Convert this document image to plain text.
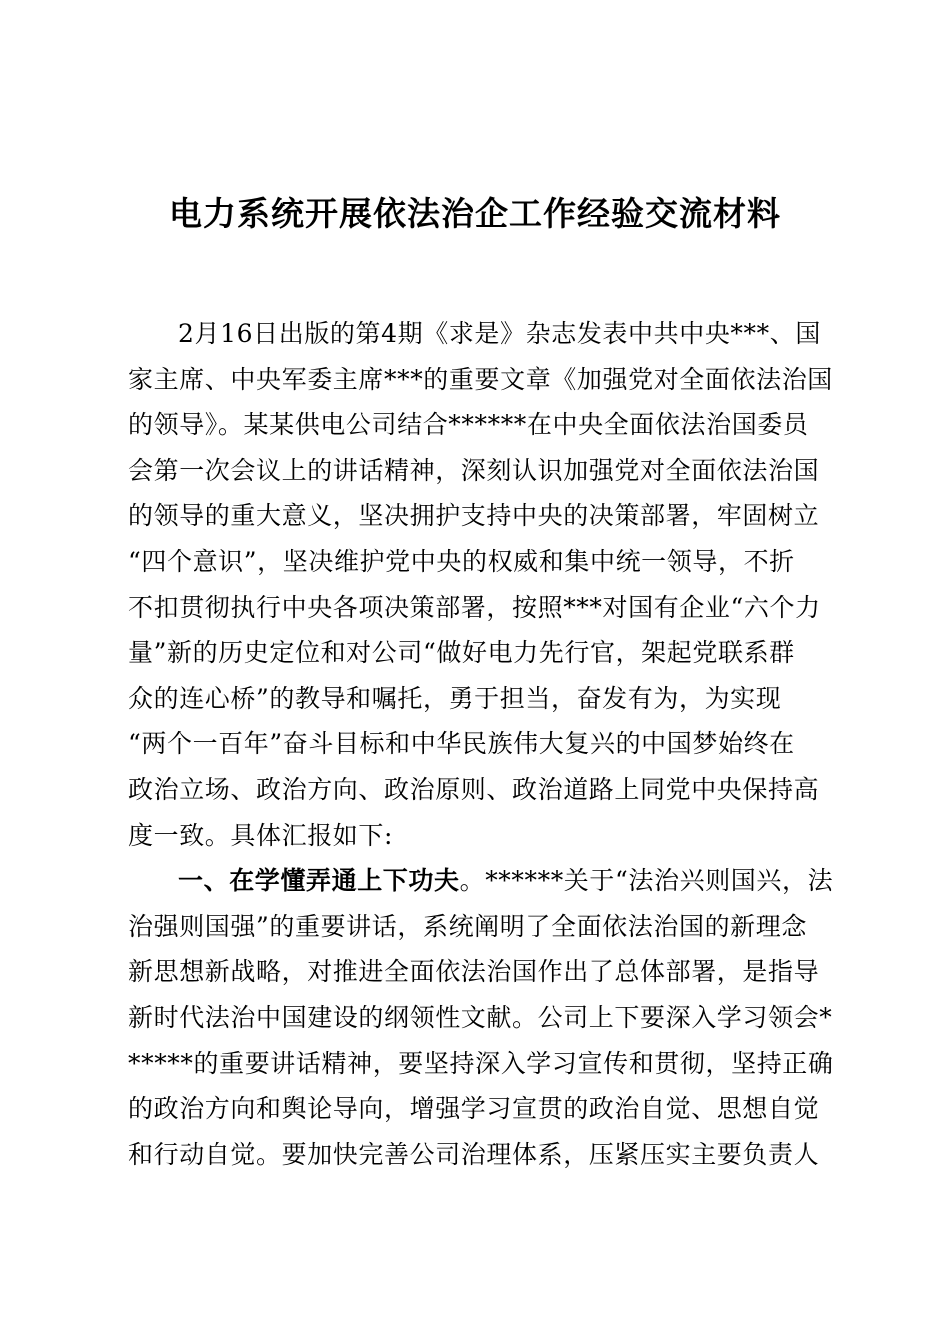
电力系统开展依法治企工作经验交流材料
2月16日出版的第4期《求是》杂志发表中共中央***、国
家主席、中央军委主席***的重要文章《加强党对全面依法治国
的领导》。某某供电公司结合******在中央全面依法治国委员
会第一次会议上的讲话精神，深刻认识加强党对全面依法治国
的领导的重大意义，坚决拥护支持中央的决策部署，牢固树立
“四个意识”，坚决维护党中央的权威和集中统一领导，不折
不扣贯彻执行中央各项决策部署，按照***对国有企业“六个力
量”新的历史定位和对公司“做好电力先行官，架起党联系群
众的连心桥”的教导和嘱托，勇于担当，奋发有为，为实现
“两个一百年”奋斗目标和中华民族伟大复兴的中国梦始终在
政治立场、政治方向、政治原则、政治道路上同党中央保持高
度一致。具体汇报如下:
一、在学懂弄通上下功夫。******关于“法治兴则国兴，法
治强则国强”的重要讲话，系统阐明了全面依法治国的新理念
新思想新战略，对推进全面依法治国作出了总体部署，是指导
新时代法治中国建设的纲领性文献。公司上下要深入学习领会*
*****的重要讲话精神，要坚持深入学习宣传和贯彻，坚持正确
的政治方向和舆论导向，增强学习宣贯的政治自觉、思想自觉
和行动自觉。要加快完善公司治理体系，压紧压实主要负责人
